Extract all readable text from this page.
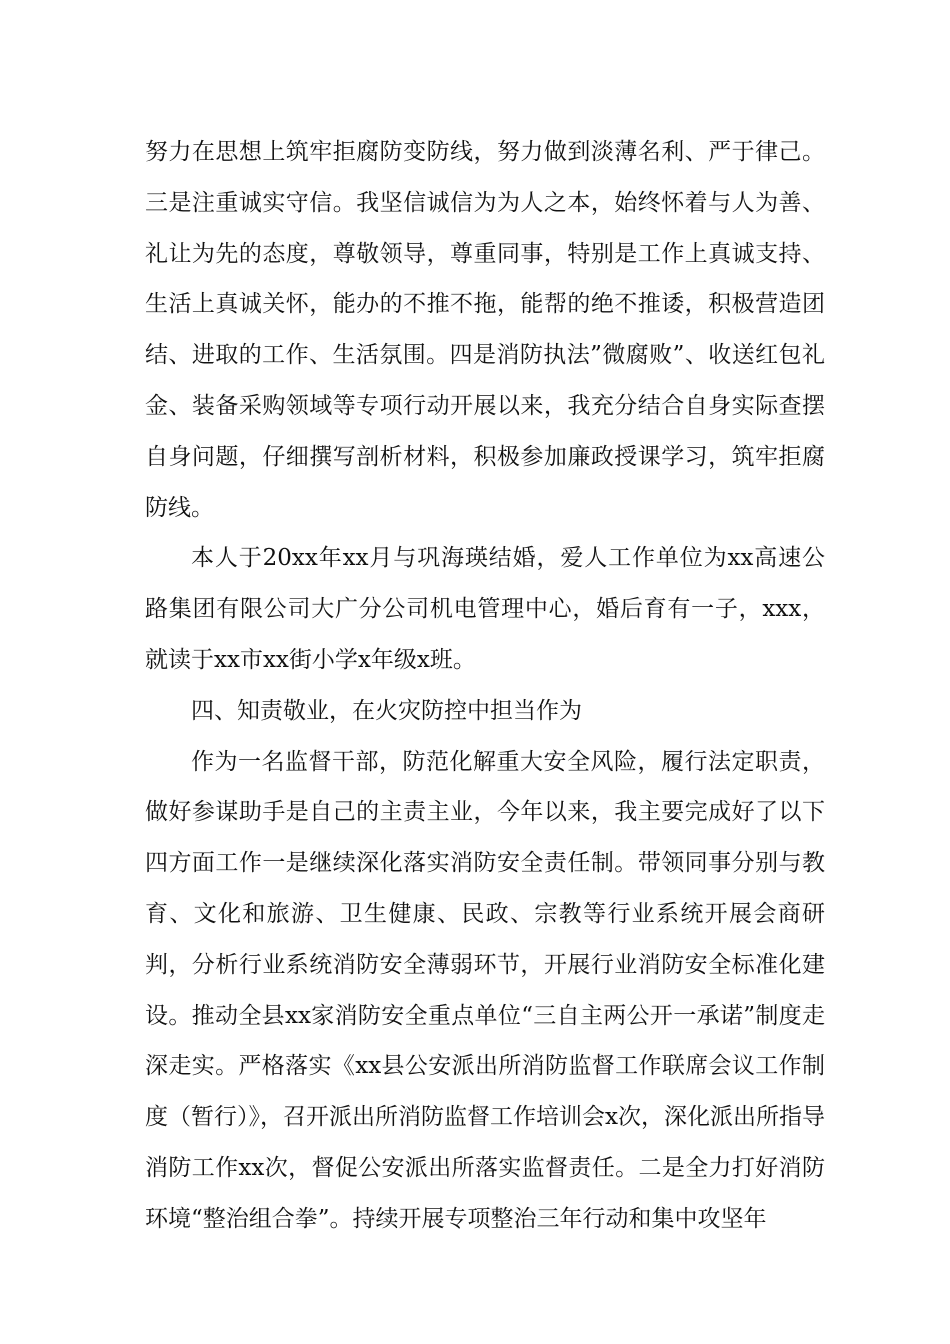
努力在思想上筑牢拒腐防变防线，努力做到淡薄名利、严于律己。三是注重诚实守信。我坚信诚信为为人之本，始终怀着与人为善、礼让为先的态度，尊敬领导，尊重同事，特别是工作上真诚支持、生活上真诚关怀，能办的不推不拖，能帮的绝不推诿，积极营造团结、进取的工作、生活氛围。四是消防执法”微腐败”、收送红包礼金、装备采购领域等专项行动开展以来，我充分结合自身实际查摆自身问题，仔细撰写剖析材料，积极参加廉政授课学习，筑牢拒腐防线。

本人于20xx年xx月与巩海瑛结婚，爱人工作单位为xx高速公路集团有限公司大广分公司机电管理中心，婚后育有一子，xxx，就读于xx市xx街小学x年级x班。

四、知责敬业，在火灾防控中担当作为

作为一名监督干部，防范化解重大安全风险，履行法定职责，做好参谋助手是自己的主责主业，今年以来，我主要完成好了以下四方面工作一是继续深化落实消防安全责任制。带领同事分别与教育、文化和旅游、卫生健康、民政、宗教等行业系统开展会商研判，分析行业系统消防安全薄弱环节，开展行业消防安全标准化建设。推动全县xx家消防安全重点单位“三自主两公开一承诺”制度走深走实。严格落实《xx县公安派出所消防监督工作联席会议工作制度（暂行）》，召开派出所消防监督工作培训会x次，深化派出所指导消防工作xx次，督促公安派出所落实监督责任。二是全力打好消防环境“整治组合拳”。持续开展专项整治三年行动和集中攻坚年
